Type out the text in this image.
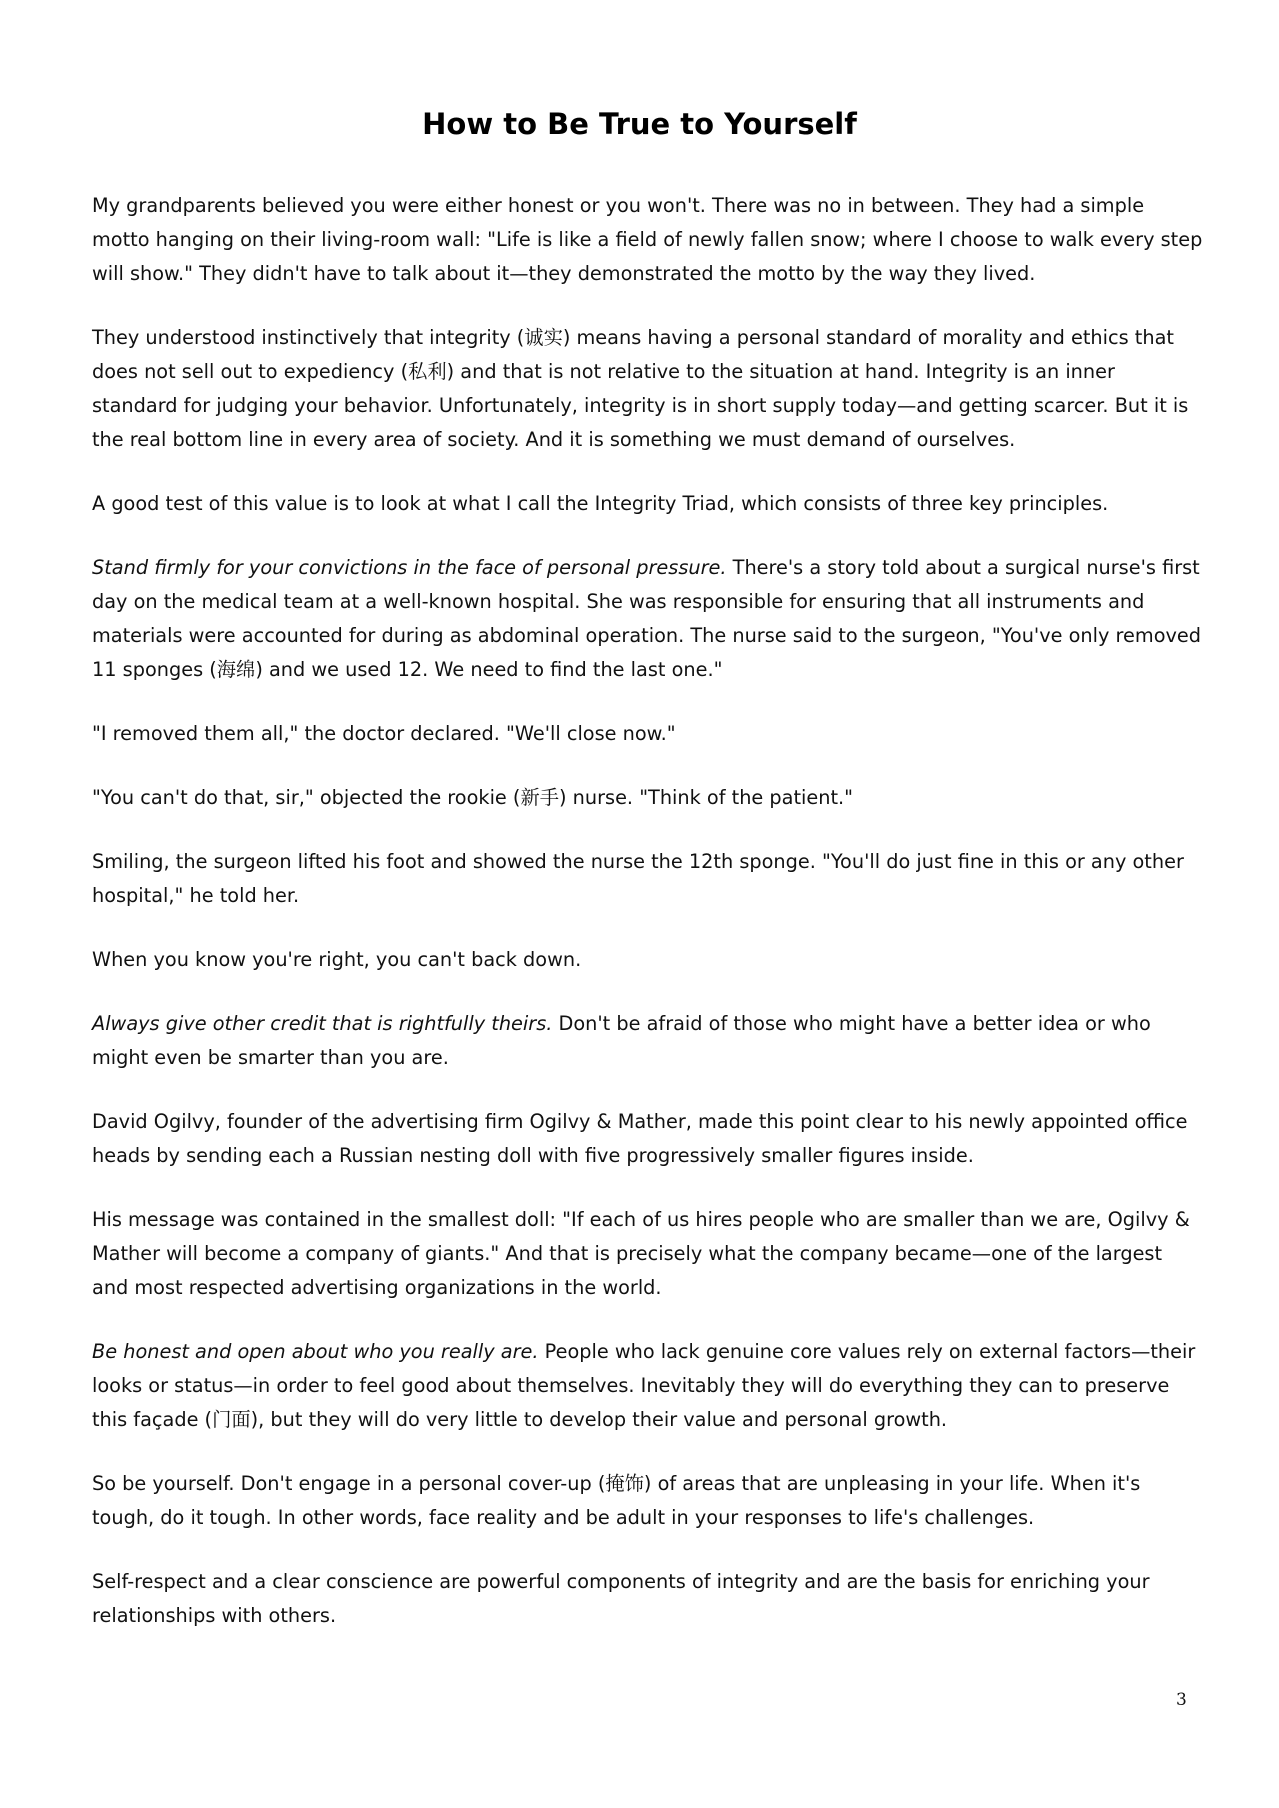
How to Be True to Yourself

My grandparents believed you were either honest or you won't. There was no in between. They had a simple motto hanging on their living-room wall: "Life is like a field of newly fallen snow; where I choose to walk every step will show." They didn't have to talk about it—they demonstrated the motto by the way they lived.

They understood instinctively that integrity (诚实) means having a personal standard of morality and ethics that does not sell out to expediency (私利) and that is not relative to the situation at hand. Integrity is an inner standard for judging your behavior. Unfortunately, integrity is in short supply today—and getting scarcer. But it is the real bottom line in every area of society. And it is something we must demand of ourselves.

A good test of this value is to look at what I call the Integrity Triad, which consists of three key principles.

Stand firmly for your convictions in the face of personal pressure. There's a story told about a surgical nurse's first day on the medical team at a well-known hospital. She was responsible for ensuring that all instruments and materials were accounted for during as abdominal operation. The nurse said to the surgeon, "You've only removed 11 sponges (海绵) and we used 12. We need to find the last one."

"I removed them all," the doctor declared. "We'll close now."

"You can't do that, sir," objected the rookie (新手) nurse. "Think of the patient."

Smiling, the surgeon lifted his foot and showed the nurse the 12th sponge. "You'll do just fine in this or any other hospital," he told her.

When you know you're right, you can't back down.

Always give other credit that is rightfully theirs. Don't be afraid of those who might have a better idea or who might even be smarter than you are.

David Ogilvy, founder of the advertising firm Ogilvy & Mather, made this point clear to his newly appointed office heads by sending each a Russian nesting doll with five progressively smaller figures inside.

His message was contained in the smallest doll: "If each of us hires people who are smaller than we are, Ogilvy & Mather will become a company of giants." And that is precisely what the company became—one of the largest and most respected advertising organizations in the world.

Be honest and open about who you really are. People who lack genuine core values rely on external factors—their looks or status—in order to feel good about themselves. Inevitably they will do everything they can to preserve this façade (门面), but they will do very little to develop their value and personal growth.

So be yourself. Don't engage in a personal cover-up (掩饰) of areas that are unpleasing in your life. When it's tough, do it tough. In other words, face reality and be adult in your responses to life's challenges.

Self-respect and a clear conscience are powerful components of integrity and are the basis for enriching your relationships with others.

3
